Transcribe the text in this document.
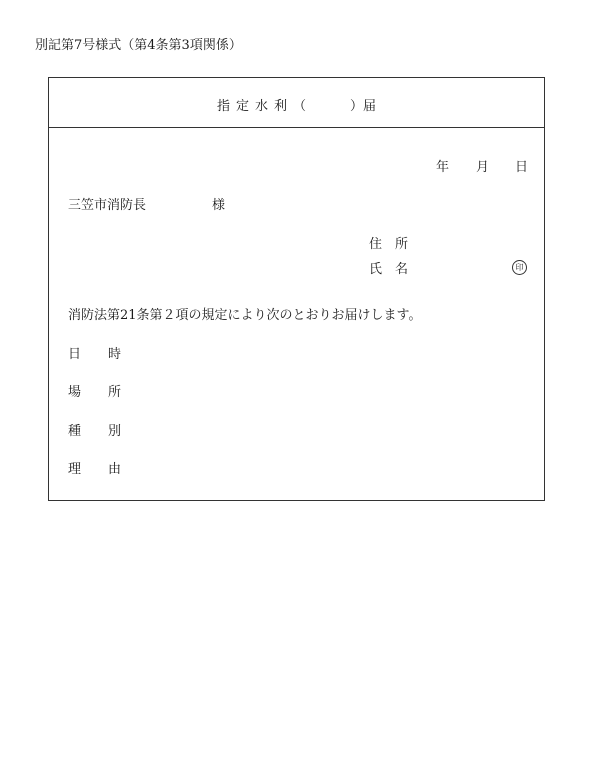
別記第7号様式（第4条第3項関係）
指定水利（	）届
年 月 日
三笠市消防長	様
住 所
氏 名	印
消防法第21条第２項の規定により次のとおりお届けします。
日 時
場 所
種 別
理 由
